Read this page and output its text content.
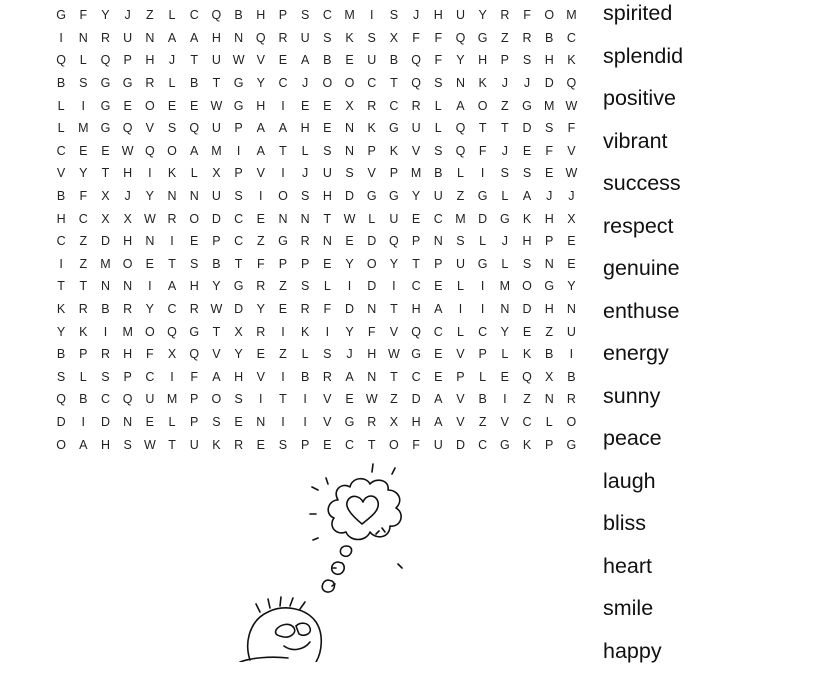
G	F	Y	J	Z	L	C	Q	B	H	P	S	C M	I	S	J	H	U	Y	R	F	O M
I	N	R	U	N	A	A	H	N	Q	R	U	S	K	S	X	F	F	Q G	Z	R	B	C
Q	L	Q	P	H	J	T	U W V	E	A	B	E	U	B	Q	F	Y	H	P	S	H	K
B	S	G G	R	L	B	T	G	Y	C	J	O O	C	T	Q	S	N	K	J	J	D	Q
L	I	G	E	O	E	E W G	H	I	E	E	X	R	C	R	L	A	O	Z	G M W
L	M G Q	V	S	Q	U	P	A	A	H	E	N	K	G	U	L	Q	T	T	D	S	F
C	E	E W Q O	A	M	I	A	T	L	S	N	P	K	V	S	Q	F	J	E	F	V
V	Y	T	H	I	K	L	X	P	V	I	J	U	S	V	P	M	B	L	I	S	S	E W
B	F	X	J	Y	N	N	U	S	I	O	S	H	D	G G	Y	U	Z	G	L	A	J	J
H	C	X	X W R	O	D	C	E	N	N	T W	L	U	E	C M D	G	K	H	X
C	Z	D	H	N	I	E	P	C	Z	G	R	N	E	D	Q	P	N	S	L	J	H	P	E
I	Z	M O	E	T	S	B	T	F	P	P	E	Y	O	Y	T	P	U	G	L	S	N	E
T	T	N	N	I	A	H	Y	G	R	Z	S	L	I	D	I	C	E	L	I	M O G	Y
K	R	B	R	Y	C	R W D	Y	E	R	F	D	N	T	H	A	I	I	N	D	H	N
Y	K	I	M O Q G	T	X	R	I	K	I	Y	F	V	Q	C	L	C	Y	E	Z	U
B	P	R	H	F	X	Q	V	Y	E	Z	L	S	J	H W G	E	V	P	L	K	B	I
S	L	S	P	C	I	F	A	H	V	I	B	R	A	N	T	C	E	P	L	E	Q	X	B
Q	B	C	Q	U M	P	O	S	I	T	I	V	E W Z	D	A	V	B	I	Z	N	R
D	I	D	N	E	L	P	S	E	N	I	I	V	G	R	X	H	A	V	Z	V	C	L	O
O	A	H	S W T	U	K	R	E	S	P	E	C	T	O	F	U	D	C	G	K	P	G
spirited
splendid
positive
vibrant
success
respect
genuine
enthuse
energy
sunny
peace
laugh
bliss
heart
smile
happy
